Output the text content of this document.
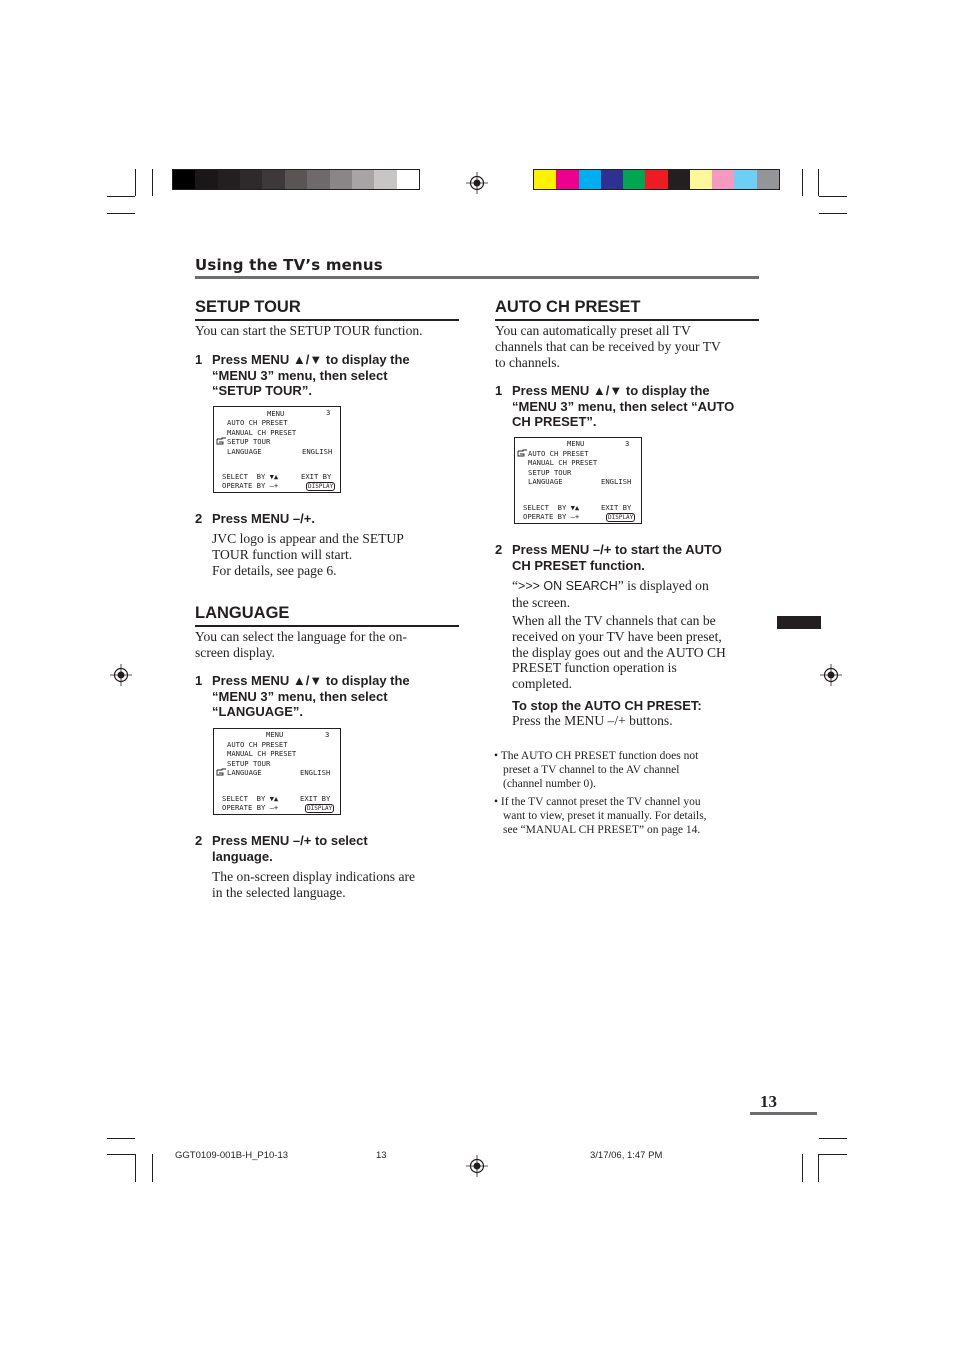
Using the TV’s menus
SETUP TOUR
You can start the SETUP TOUR function.
1 Press MENU ▲/▼ to display the
“MENU 3” menu, then select
“SETUP TOUR”.
MENU	3
AUTO CH PRESET
MANUAL CH PRESET
SETUP TOUR
LANGUAGE	ENGLISH
SELECT  BY ▼▲	EXIT BY
OPERATE BY –+	DISPLAY
2 Press MENU –/+.
JVC logo is appear and the SETUP
TOUR function will start.
For details, see page 6.
LANGUAGE
You can select the language for the on-
screen display.
1 Press MENU ▲/▼ to display the
“MENU 3” menu, then select
“LANGUAGE”.
MENU	3
AUTO CH PRESET
MANUAL CH PRESET
SETUP TOUR
LANGUAGE	ENGLISH
SELECT  BY ▼▲	EXIT BY
OPERATE BY –+	DISPLAY
2 Press MENU –/+ to select
language.
The on-screen display indications are
in the selected language.
AUTO CH PRESET
You can automatically preset all TV
channels that can be received by your TV
to channels.
1 Press MENU ▲/▼ to display the
“MENU 3” menu, then select “AUTO
CH PRESET”.
MENU	3
AUTO CH PRESET
MANUAL CH PRESET
SETUP TOUR
LANGUAGE	ENGLISH
SELECT  BY ▼▲	EXIT BY
OPERATE BY –+	DISPLAY
2 Press MENU –/+ to start the AUTO
CH PRESET function.
“>>> ON SEARCH” is displayed on
the screen.
When all the TV channels that can be
received on your TV have been preset,
the display goes out and the AUTO CH
PRESET function operation is
completed.
To stop the AUTO CH PRESET:
Press the MENU –/+ buttons.
• The AUTO CH PRESET function does not
preset a TV channel to the AV channel
(channel number 0).
• If the TV cannot preset the TV channel you
want to view, preset it manually. For details,
see “MANUAL CH PRESET” on page 14.
13
GGT0109-001B-H_P10-13	13	3/17/06, 1:47 PM
